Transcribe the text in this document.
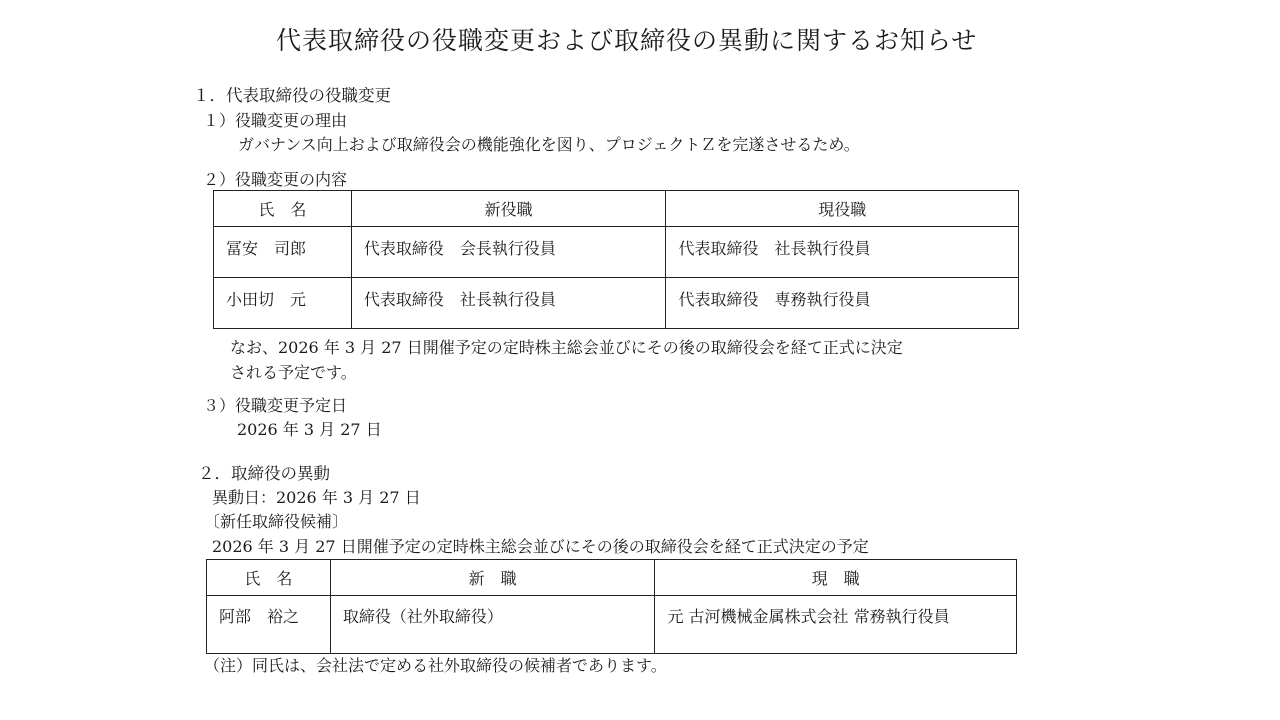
代表取締役の役職変更および取締役の異動に関するお知らせ
１．代表取締役の役職変更
１）役職変更の理由
ガバナンス向上および取締役会の機能強化を図り、プロジェクトＺを完遂させるため。
２）役職変更の内容
氏　名	新役職	現役職
冨安　司郎	代表取締役　会長執行役員	代表取締役　社長執行役員
小田切　元	代表取締役　社長執行役員	代表取締役　専務執行役員
なお、2026 年 3 月 27 日開催予定の定時株主総会並びにその後の取締役会を経て正式に決定
される予定です。
３）役職変更予定日
2026 年 3 月 27 日
２．取締役の異動
異動日：2026 年 3 月 27 日
〔新任取締役候補〕
2026 年 3 月 27 日開催予定の定時株主総会並びにその後の取締役会を経て正式決定の予定
氏　名	新　職	現　職
阿部　裕之	取締役（社外取締役）	元 古河機械金属株式会社 常務執行役員
（注）同氏は、会社法で定める社外取締役の候補者であります。
